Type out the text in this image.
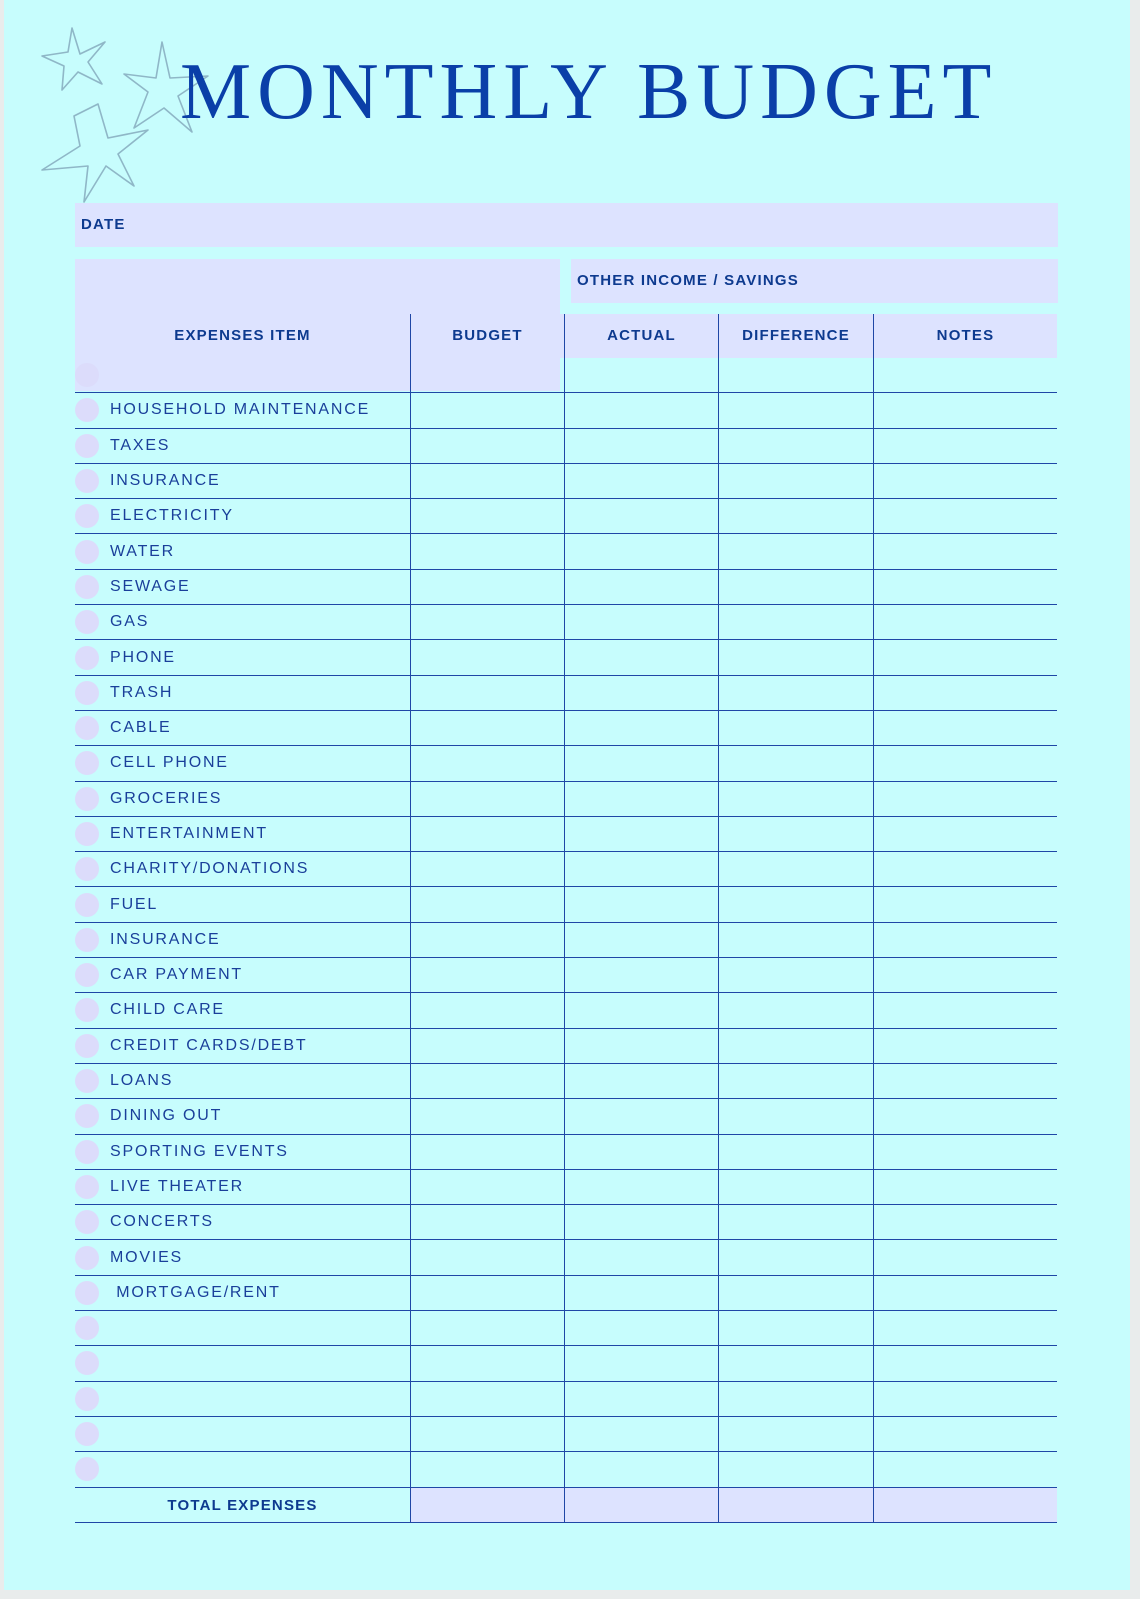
MONTHLY BUDGET
DATE

OTHER INCOME / SAVINGS
EXPENSES ITEM	BUDGET	ACTUAL	DIFFERENCE	NOTES
HOUSEHOLD MAINTENANCE
TAXES
INSURANCE
ELECTRICITY
WATER
SEWAGE
GAS
PHONE
TRASH
CABLE
CELL PHONE
GROCERIES
ENTERTAINMENT
CHARITY/DONATIONS
FUEL
INSURANCE
CAR PAYMENT
CHILD CARE
CREDIT CARDS/DEBT
LOANS
DINING OUT
SPORTING EVENTS
LIVE THEATER
CONCERTS
MOVIES
MORTGAGE/RENT
TOTAL EXPENSES
